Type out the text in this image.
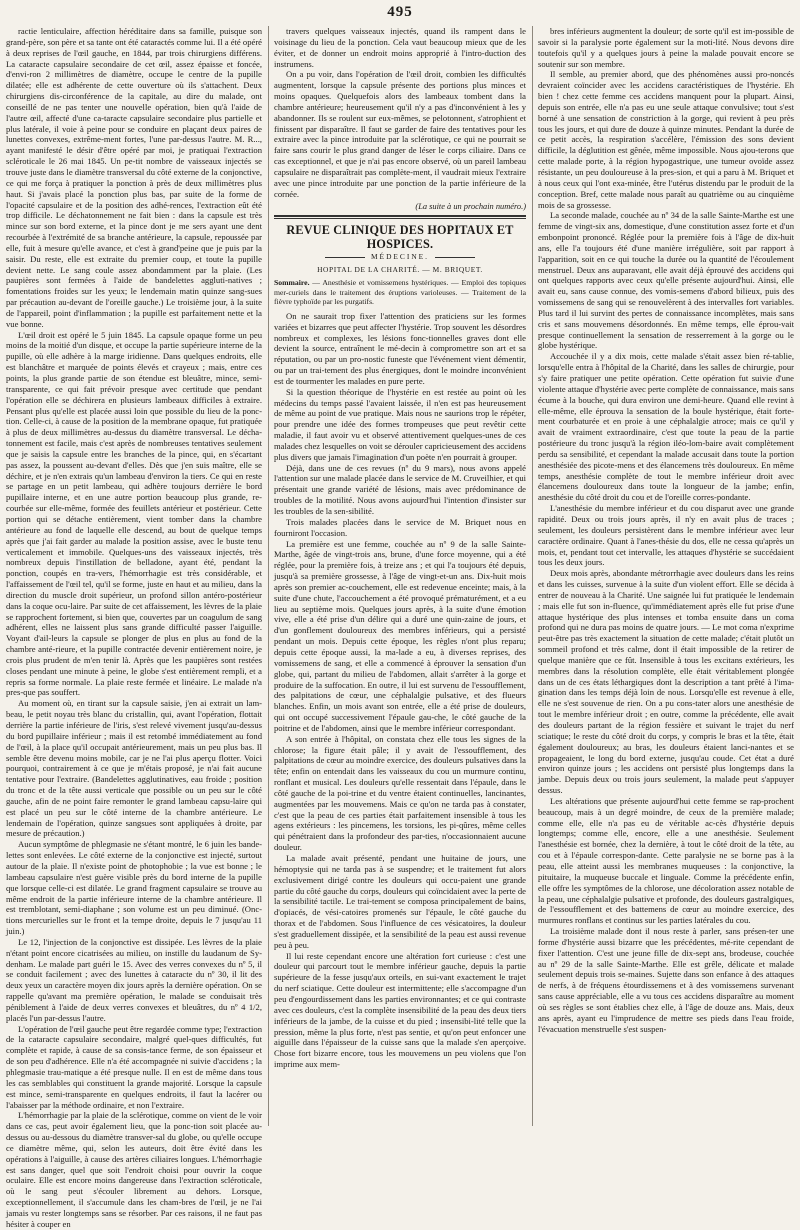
495

ractie lenticulaire, affection héréditaire dans sa famille, puisque son grand-père, son père et sa tante ont été cataractés comme lui. Il a été opéré à deux reprises de l'œil gauche, en 1844, par trois chirurgiens différens. La cataracte capsulaire secondaire de cet œil, assez épaisse et foncée, d'envi-ron 2 millimètres de diamètre, occupe le centre de la pupille dilatée; elle est adhérente de cette ouverture où ils s'attachent. Deux chirurgiens dis-circonférence de la capitale, au dire du malade, ont conseillé de ne pas tenter une nouvelle opération, bien qu'à l'aide de l'autre œil, affecté d'une ca-taracte capsulaire secondaire plus partielle et plus latérale, il voie à peine pour se conduire en plaçant deux paires de lunettes convexes, extrême-ment fortes, l'une par-dessus l'autre. M. R..., ayant manifesté le désir d'être opéré par moi, je pratiquai l'extraction scléroticale le 26 mai 1845. Un pe-tit nombre de vaisseaux injectés se trouve juste dans le diamètre transversal du côté externe de la conjonctive, ce qui me força à pratiquer la ponction à près de deux millimètres plus haut. Si j'avais placé la ponction plus bas, par suite de la forme de l'opacité capsulaire et de la position des adhé-rences, l'extraction eût été trop difficile. Le déchatonnement ne fait bien : dans la capsule est très mince sur son bord externe, et la pince dont je me sers ayant une dent recourbée à l'extrémité de sa branche antérieure, la capsule, repoussée par elle, fuit à mesure qu'elle avance, et c'est à grand'peine que je puis par la saisir. Du reste, elle est extraite du premier coup, et toute la pupille devient nette. Le sang coule assez abondamment par la plaie. (Les paupières sont fermées à l'aide de bandelettes aggluti-natives ; fomentations froides sur les yeux; le lendemain matin quinze sang-sues par précaution au-devant de l'oreille gauche.) Le troisième jour, à la suite de l'appareil, point d'inflammation ; la pupille est parfaitement nette et la vue bonne.

L'œil droit est opéré le 5 juin 1845. La capsule opaque forme un peu moins de la moitié d'un disque, et occupe la partie supérieure interne de la pupille, où elle adhère à la marge iridienne. Dans quelques endroits, elle est blanchâtre et marquée de points élevés et crayeux ; mais, entre ces points, la plus grande partie de son étendue est bleuâtre, mince, semi-transparente, ce qui fait prévoir presque avec certitude que pendant l'opération elle se déchirera en plusieurs lambeaux difficiles à extraire. Pensant plus qu'elle est placée aussi loin que possible du lieu de la ponc-tion. Celle-ci, à cause de la position de la membrane opaque, fut pratiquée à plus de deux millimètres au-dessus du diamètre transversal. Le décha-tonnement est facile, mais c'est après de nombreuses tentatives seulement que je saisis la capsule entre les branches de la pince, qui, en s'écartant pas assez, la poussent au-devant d'elles. Dès que j'en suis maître, elle se déchire, et je n'en extrais qu'un lambeau d'environ la tiers. Ce qui en reste se partage en un petit lambeau, qui adhère toujours derrière le bord pupillaire interne, et en une autre portion beaucoup plus grande, re-courbée sur elle-même, formée des feuillets antérieur et postérieur. Cette portion qui se détache entièrement, vient tomber dans la chambre antérieure au fond de laquelle elle descend, au bout de quelque temps après que j'ai fait garder au malade la position assise, avec le buste tenu verticalement et immobile. Quelques-uns des vaisseaux injectés, très nombreux depuis l'instillation de belladone, ayant été, pendant la ponction, coupés en tra-vers, l'hémorrhagie est très considérable, et l'affaissement de l'œil tel, qu'il se forme, juste en haut et au milieu, dans la direction du muscle droit supérieur, un profond sillon antéro-postérieur dans la coque ocu-laire. Par suite de cet affaissement, les lèvres de la plaie se rapprochent fortement, si bien que, couvertes par un coagulum de sang adhérent, elles ne laissent plus sans grande difficulté passer l'aiguille. Voyant d'ail-leurs la capsule se plonger de plus en plus au fond de la chambre anté-rieure, et la pupille contractée devenir entièrement noire, je crois plus prudent de m'en tenir là. Après que les paupières sont restées closes pendant une minute à peine, le globe s'est entièrement rempli, et a repris sa forme normale. La plaie reste fermée et linéaire. Le malade n'a pres-que pas souffert.

Au moment où, en tirant sur la capsule saisie, j'en ai extrait un lam-beau, le petit noyau très blanc du cristallin, qui, avant l'opération, flottait derrière la partie inférieure de l'iris, s'est relevé vivement jusqu'au-dessus du bord pupillaire inférieur ; mais il est retombé immédiatement au fond de l'œil, à la place qu'il occupait antérieurement, mais un peu plus bas. Il semble être devenu moins mobile, car je ne l'ai plus aperçu flotter. Voici pourquoi, contrairement à ce que je m'étais proposé, je n'ai fait aucune tentative pour l'extraire. (Bandelettes agglutinatives, eau froide ; position du tronc et de la tête aussi verticale que possible ou un peu sur le côté gauche, afin de ne point faire remonter le grand lambeau capsu-laire qui est placé un peu sur le côté interne de la chambre antérieure. Le lendemain de l'opération, quinze sangsues sont appliquées à droite, par mesure de précaution.)

Aucun symptôme de phlegmasie ne s'étant montré, le 6 juin les bande-lettes sont enlevées. Le côté externe de la conjonctive est injecté, surtout autour de la plaie. Il n'existe point de photophobie ; la vue est bonne ; le lambeau capsulaire n'est guère visible près du bord interne de la pupille que lorsque celle-ci est dilatée. Le grand fragment capsulaire se trouve au même endroit de la partie inférieure interne de la chambre antérieure. Il est tremblotant, semi-diaphane ; son volume est un peu diminué. (Onc-tions mercurielles sur le front et la tempe droite, depuis le 7 jusqu'au 11 juin.)

Le 12, l'injection de la conjonctive est dissipée. Les lèvres de la plaie n'étant point encore cicatrisées au milieu, on instille du laudanum de Sy-denham. Le malade part guéri le 15. Avec des verres convexes du nº 5, il se conduit facilement ; avec des lunettes à cataracte du nº 30, il lit des deux yeux un caractère moyen dix jours après la dernière opération. On se rappelle qu'avant ma première opération, le malade se conduisait très péniblement à l'aide de deux verres convexes et bleuâtres, du nº 4 1/2, placés l'un par-dessus l'autre.

L'opération de l'œil gauche peut être regardée comme type; l'extraction de la cataracte capsulaire secondaire, malgré quel-ques difficultés, fut complète et rapide, à cause de sa consis-tance ferme, de son épaisseur et de son peu d'adhérence. Elle n'a été accompagnée ni suivie d'accidens ; la phlegmasie trau-matique a été presque nulle. Il en est de même dans tous les cas semblables qui constituent la grande majorité. Lorsque la capsule est mince, semi-transparente en quelques endroits, il faut la lacérer ou l'abaisser par la méthode ordinaire, et non l'extraire.

L'hémorrhagie par la plaie de la sclérotique, comme on vient de le voir dans ce cas, peut avoir également lieu, que la ponc-tion soit placée au-dessus ou au-dessous du diamètre transver-sal du globe, ou qu'elle occupe ce diamètre même, qui, selon les auteurs, doit être évité dans les opérations à l'aiguille, à cause des artères ciliaires longues. L'hémorrhagie est sans danger, quel que soit l'endroit choisi pour ouvrir la coque oculaire. Elle est encore moins dangereuse dans l'extraction scléroticale, où le sang peut s'écouler librement au dehors. Lorsque, exceptionnellement, il s'accumule dans les cham-bres de l'œil, je ne l'ai jamais vu rester longtemps sans se résorber. Par ces raisons, il ne faut pas hésiter à couper en

travers quelques vaisseaux injectés, quand ils rampent dans le voisinage du lieu de la ponction. Cela vaut beaucoup mieux que de les éviter, et de donner un endroit moins approprié à l'intro-duction des instrumens.

On a pu voir, dans l'opération de l'œil droit, combien les difficultés augmentent, lorsque la capsule présente des portions plus minces et moins opaques. Quelquefois alors des lambeaux tombent dans la chambre antérieure; heureusement qu'il n'y a pas d'inconvénient à les y abandonner. Ils se roulent sur eux-mêmes, se pelotonnent, s'atrophient et finissent par disparaître. Il faut se garder de faire des tentatives pour les extraire avec la pince introduite par la sclérotique, ce qui ne pourrait se faire sans courir le plus grand danger de léser le corps ciliaire. Dans ce cas exceptionnel, et que je n'ai pas encore observé, où un pareil lambeau capsulaire ne disparaîtrait pas complète-ment, il vaudrait mieux l'extraire avec une pince introduite par une ponction de la partie inférieure de la cornée.

(La suite à un prochain numéro.)
REVUE CLINIQUE DES HOPITAUX ET HOSPICES.
MÉDECINE.
HOPITAL DE LA CHARITÉ. — M. BRIQUET.
Sommaire. — Anesthésie et vomissemens hystériques. — Emploi des topiques mer-curiels dans le traitement des éruptions varioleuses. — Traitement de la fièvre typhoïde par les purgatifs.

On ne saurait trop fixer l'attention des praticiens sur les formes variées et bizarres que peut affecter l'hystérie. Trop souvent les désordres nombreux et complexes, les lésions fonc-tionnelles graves dont elle devient la source, entraînent le mé-decin à compromettre son art et sa réputation, ou par un pro-nostic funeste que l'événement vient démentir, ou par un trai-tement des plus énergiques, dont le moindre inconvénient est de tourmenter les malades en pure perte.

Si la question théorique de l'hystérie en est restée au point où les médecins du temps passé l'avaient laissée, il n'en est pas heureusement de même au point de vue pratique. Mais nous ne saurions trop le répéter, pour prendre une idée des formes trompeuses que peut revêtir cette maladie, il faut avoir vu et observé attentivement quelques-unes de ces malades chez lesquelles on voit se dérouler capricieusement des accidens plus divers que jamais l'imagination d'un poète n'en pourrait à grouper.

Déjà, dans une de ces revues (nº du 9 mars), nous avons appelé l'attention sur une malade placée dans le service de M. Cruveilhier, et qui présentait une grande variété de lésions, mais avec prédominance de troubles de la motilité. Nous avons aujourd'hui l'intention d'insister sur les troubles de la sen-sibilité.

Trois malades placées dans le service de M. Briquet nous en fourniront l'occasion.

La première est une femme, couchée au nº 9 de la salle Sainte-Marthe, âgée de vingt-trois ans, brune, d'une force moyenne, qui a été réglée, pour la première fois, à treize ans ; et qui l'a toujours été depuis, jusqu'à sa première grossesse, à l'âge de vingt-et-un ans. Dix-huit mois après son premier ac-couchement, elle est redevenue enceinte; mais, à la suite d'une chute, l'accouchement a été provoqué prématurément, et a eu lieu au septième mois. Quelques jours après, à la suite d'une émotion vive, elle a été prise d'un délire qui a duré une quin-zaine de jours, et d'un gonflement douloureux des membres inférieurs, qui a persisté pendant un mois. Depuis cette époque, les règles n'ont plus reparu; depuis cette époque aussi, la ma-lade a eu, à diverses reprises, des vomissemens de sang, et elle a commencé à éprouver la sensation d'un globe, qui, partant du milieu de l'abdomen, allait s'arrêter à la gorge et produire de la suffocation. En outre, il lui est survenu de l'essoufflement, des palpitations de cœur, une céphalalgie pulsative, et des flueurs blanches. Enfin, un mois avant son entrée, elle a été prise de douleurs, qui ont occupé successivement l'épaule gau-che, le côté gauche de la poitrine et de l'abdomen, ainsi que le membre inférieur correspondant.

A son entrée à l'hôpital, on constata chez elle tous les signes de la chlorose; la figure était pâle; il y avait de l'essoufflement, des palpitations de cœur au moindre exercice, des douleurs pulsatives dans la tête; enfin on entendait dans les vaisseaux du cou un murmure continu, ronflant et musical. Les douleurs qu'elle ressentait dans l'épaule, dans le côté gauche de la poi-trine et du ventre étaient continuelles, lancinantes, augmentées par les mouvemens. Mais ce qu'on ne tarda pas à constater, c'est que la peau de ces parties était parfaitement insensible à tous les agens extérieurs : les pincemens, les torsions, les pi-qûres, même celles qui pénétraient dans la profondeur des par-ties, n'occasionnaient aucune douleur.

La malade avait présenté, pendant une huitaine de jours, une hémoptysie qui ne tarda pas à se suspendre; et le traitement fut alors exclusivement dirigé contre les douleurs qui occu-paient une grande partie du côté gauche du corps, douleurs qui coïncidaient avec la perte de la sensibilité tactile. Le trai-tement se composa principalement de bains, d'opiacés, de vési-catoires promenés sur l'épaule, le côté gauche du thorax et de l'abdomen. Sous l'influence de ces vésicatoires, la douleur s'est graduellement dissipée, et la sensibilité de la peau est aussi revenue peu à peu.

Il lui reste cependant encore une altération fort curieuse : c'est une douleur qui parcourt tout le membre inférieur gauche, depuis la partie supérieure de la fesse jusqu'aux orteils, en sui-vant exactement le trajet du nerf sciatique. Cette douleur est intermittente; elle s'accompagne d'un peu d'engourdissement dans les parties environnantes; et ce qui contraste avec ces douleurs, c'est la complète insensibilité de la peau des deux tiers inférieurs de la jambe, de la cuisse et du pied ; insensibi-lité telle que la pression, même la plus forte, n'est pas sentie, et qu'on peut enfoncer une aiguille dans l'épaisseur de la cuisse sans que la malade s'en aperçoive. Chose fort bizarre encore, tous les mouvemens un peu violens que l'on imprime aux mem-

bres inférieurs augmentent la douleur; de sorte qu'il est im-possible de savoir si la paralysie porte également sur la moti-lité. Nous devons dire toutefois qu'il y a quelques jours à peine la malade pouvait encore se soutenir sur son membre.

Il semble, au premier abord, que des phénomènes aussi pro-noncés devraient coïncider avec les accidens caractéristiques de l'hystérie. Eh bien ! chez cette femme ces accidens manquent pour la plupart. Ainsi, depuis son entrée, elle n'a pas eu une seule attaque convulsive; tout s'est borné à une sensation de constriction à la gorge, qui revient à peu près tous les jours, et qui dure de douze à quinze minutes. Pendant la durée de ce petit accès, la respiration s'accélère, l'émission des sons devient difficile, la déglutition est gênée, même impossible. Nous ajou-terons que cette malade porte, à la région hypogastrique, une tumeur ovoïde assez résistante, un peu douloureuse à la pres-sion, et qui a paru à M. Briquet et à nous ceux qui l'ont exa-minée, être l'utérus distendu par le produit de la conception. Bref, cette malade nous paraît au quatrième ou au cinquième mois de sa grossesse.

La seconde malade, couchée au nº 34 de la salle Sainte-Marthe est une femme de vingt-six ans, domestique, d'une constitution assez forte et d'un embonpoint prononcé. Réglée pour la première fois à l'âge de dix-huit ans, elle l'a toujours été d'une manière irrégulière, soit par rapport à l'apparition, soit en ce qui touche la durée ou la quantité de l'écoulement menstruel. Deux ans auparavant, elle avait déjà éprouvé des accidens qui ont quelques rapports avec ceux qu'elle présente aujourd'hui. Ainsi, elle avait eu, sans cause connue, des vomis-semens d'abord bilieux, puis des vomissemens de sang qui se renouvelèrent à des intervalles fort variables. Plus tard il lui survint des pertes de connaissance incomplètes, mais sans cris et sans mouvemens désordonnés. En même temps, elle éprou-vait presque continuellement la sensation de resserrement à la gorge ou le globe hystérique.

Accouchée il y a dix mois, cette malade s'était assez bien ré-tablie, lorsqu'elle entra à l'hôpital de la Charité, dans les salles de chirurgie, pour s'y faire pratiquer une petite opération. Cette opération fut suivie d'une violente attaque d'hystérie avec perte complète de connaissance, mais sans écume à la bouche, qui dura environ une demi-heure. Quand elle revint à elle-même, elle éprouva la sensation de la boule hystérique, était forte-ment courbaturée et en proie à une céphalalgie atroce; mais ce qu'il y avait de vraiment extraordinaire, c'est que toute la peau de la partie postérieure du tronc jusqu'à la région iléo-lom-baire avait complètement perdu sa sensibilité, et cependant la malade accusait dans toute la portion anesthésiée des picote-mens et des élancemens très douloureux. En même temps, anesthésie complète de tout le membre inférieur droit avec élancemens douloureux dans toute la longueur de la jambe; enfin, anesthésie du côté droit du cou et de l'oreille corres-pondante.

L'anesthésie du membre inférieur et du cou disparut avec une grande rapidité. Deux ou trois jours après, il n'y en avait plus de traces ; seulement, les douleurs persistèrent dans le membre inférieur avec leur caractère ordinaire. Quant à l'anes-thésie du dos, elle ne cessa qu'après un mois, et, pendant tout cet intervalle, les attaques d'hystérie se succédaient tous les deux jours.

Deux mois après, abondante métrorrhagie avec douleurs dans les reins et dans les cuisses, survenue à la suite d'un violent effort. Elle se décida à entrer de nouveau à la Charité. Une saignée lui fut pratiquée le lendemain ; mais elle fut son in-fluence, qu'immédiatement après elle fut prise d'une attaque hystérique des plus intenses et tomba ensuite dans un coma profond qui ne dura pas moins de quatre jours. — Le mot coma n'exprime peut-être pas très exactement la situation de cette malade; c'était plutôt un sommeil profond et très calme, dont il était impossible de la retirer de quelque manière que ce fût. Insensible à tous les excitans extérieurs, les membres dans la résolution complète, elle était véritablement plongée dans un de ces états léthargiques dont la description a tant prêté à l'ima-gination dans les temps déjà loin de nous. Lorsqu'elle est revenue à elle, elle ne s'est souvenue de rien. On a pu cons-tater alors une anesthésie de tout le membre inférieur droit ; en outre, comme la précédente, elle avait des douleurs partant de la région fessière et suivant le trajet du nerf sciatique; le reste du côté droit du corps, y compris le bras et la tête, était également douloureux; au bras, les douleurs étaient lanci-nantes et se propageaient, le long du bord externe, jusqu'au coude. Cet état a duré environ quinze jours ; les accidens ont persisté plus longtemps dans la jambe. Depuis deux ou trois jours seulement, la malade peut s'appuyer dessus.

Les altérations que présente aujourd'hui cette femme se rap-prochent beaucoup, mais à un degré moindre, de ceux de la première malade; comme elle, elle n'a pas eu de véritable ac-cès d'hystérie depuis longtemps; comme elle, encore, elle a une anesthésie. Seulement l'anesthésie est bornée, chez la dernière, à tout le côté droit de la tête, au cou et à l'épaule correspon-dante. Cette paralysie ne se borne pas à la peau, elle atteint aussi les membranes muqueuses : la conjonctive, la pituitaire, la muqueuse buccale et linguale. Comme la précédente enfin, elle offre les symptômes de la chlorose, une décoloration assez notable de la peau, une céphalalgie pulsative et profonde, des douleurs gastralgiques, de l'essoufflement et des battemens de cœur au moindre exercice, des murmures ronflans et continus sur les parties latérales du cou.

La troisième malade dont il nous reste à parler, sans présen-ter une forme d'hystérie aussi bizarre que les précédentes, mé-rite cependant de fixer l'attention. C'est une jeune fille de dix-sept ans, brodeuse, couchée au nº 29 de la salle Sainte-Marthe. Elle est grêle, délicate et malade seulement depuis trois se-maines. Sujette dans son enfance à des attaques de nerfs, à de fréquens étourdissemens et à des vomissemens survenant sans cause appréciable, elle a vu tous ces accidens disparaître au moment où ses règles se sont établies chez elle, à l'âge de douze ans. Mais, deux ans après, ayant eu l'imprudence de mettre ses pieds dans l'eau froide, l'évacuation menstruelle s'est suspen-
